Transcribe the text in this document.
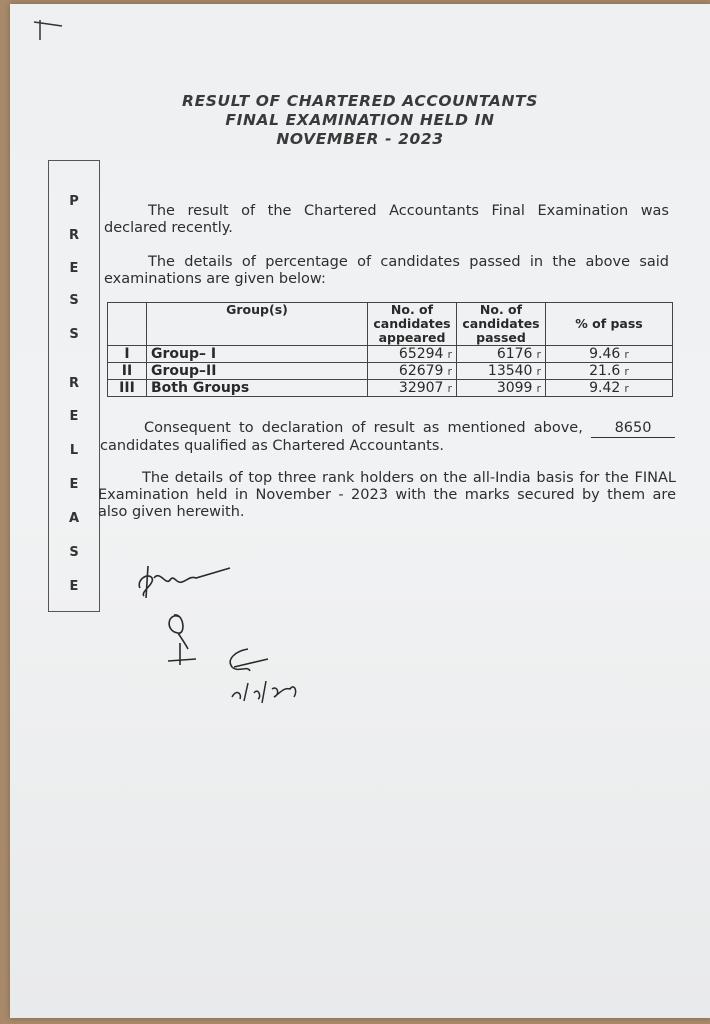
RESULT OF CHARTERED ACCOUNTANTS
FINAL EXAMINATION HELD IN
NOVEMBER - 2023
P
R
E
S
S
R
E
L
E
A
S
E
The result of the Chartered Accountants Final Examination was declared recently.
The details of percentage of candidates passed in the above said examinations are given below:
	Group(s)	No. of candidates appeared	No. of candidates passed	% of pass
I	Group– I	65294 r	6176 r	9.46 r
II	Group–II	62679 r	13540 r	21.6 r
III	Both Groups	32907 r	3099 r	9.42 r
Consequent to declaration of result as mentioned above, 8650 candidates qualified as Chartered Accountants.
The details of top three rank holders on the all-India basis for the FINAL Examination held in November - 2023 with the marks secured by them are also given herewith.
